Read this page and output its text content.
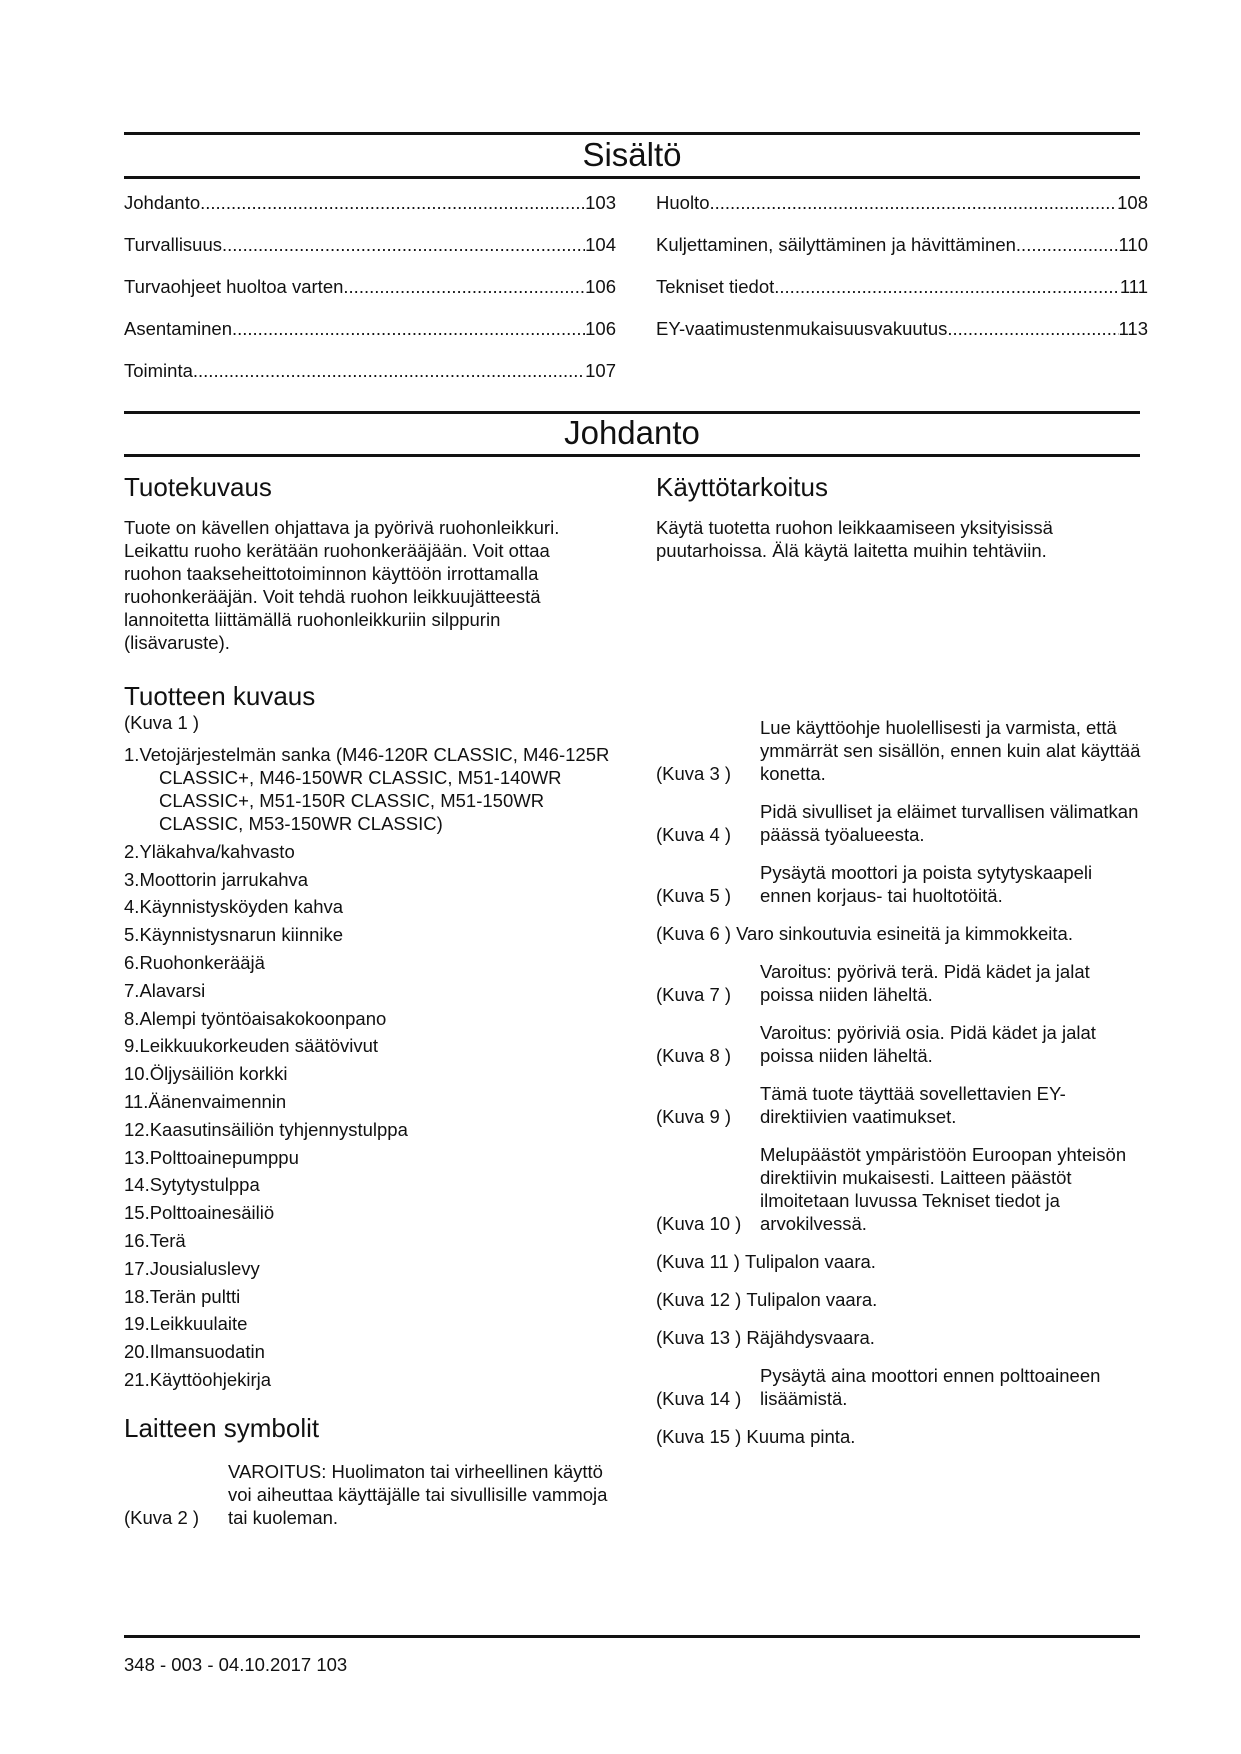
Sisältö
Johdanto .....	103
Turvallisuus .....	104
Turvaohjeet huoltoa varten .....	106
Asentaminen .....	106
Toiminta .....	107
Huolto .....	108
Kuljettaminen, säilyttäminen ja hävittäminen .....	110
Tekniset tiedot .....	111
EY-vaatimustenmukaisuusvakuutus .....	113
Johdanto
Tuotekuvaus
Tuote on kävellen ohjattava ja pyörivä ruohonleikkuri. Leikattu ruoho kerätään ruohonkerääjään. Voit ottaa ruohon taakseheittotoiminnon käyttöön irrottamalla ruohonkerääjän. Voit tehdä ruohon leikkuujätteestä lannoitetta liittämällä ruohonleikkuriin silppurin (lisävaruste).
Käyttötarkoitus
Käytä tuotetta ruohon leikkaamiseen yksityisissä puutarhoissa. Älä käytä laitetta muihin tehtäviin.
Tuotteen kuvaus
(Kuva 1 )
1.Vetojärjestelmän sanka (M46-120R CLASSIC, M46-125R CLASSIC+, M46-150WR CLASSIC, M51-140WR CLASSIC+, M51-150R CLASSIC, M51-150WR CLASSIC, M53-150WR CLASSIC)
2.Yläkahva/kahvasto
3.Moottorin jarrukahva
4.Käynnistysköyden kahva
5.Käynnistysnarun kiinnike
6.Ruohonkerääjä
7.Alavarsi
8.Alempi työntöaisakokoonpano
9.Leikkuukorkeuden säätövivut
10.Öljysäiliön korkki
11.Äänenvaimennin
12.Kaasutinsäiliön tyhjennystulppa
13.Polttoainepumppu
14.Sytytystulppa
15.Polttoainesäiliö
16.Terä
17.Jousialuslevy
18.Terän pultti
19.Leikkuulaite
20.Ilmansuodatin
21.Käyttöohjekirja
Laitteen symbolit
(Kuva 2 )
VAROITUS: Huolimaton tai virheellinen käyttö voi aiheuttaa käyttäjälle tai sivullisille vammoja tai kuoleman.
(Kuva 3 )
Lue käyttöohje huolellisesti ja varmista, että ymmärrät sen sisällön, ennen kuin alat käyttää konetta.
(Kuva 4 )
Pidä sivulliset ja eläimet turvallisen välimatkan päässä työalueesta.
(Kuva 5 )
Pysäytä moottori ja poista sytytyskaapeli ennen korjaus- tai huoltotöitä.
(Kuva 6 ) Varo sinkoutuvia esineitä ja kimmokkeita.
(Kuva 7 )
Varoitus: pyörivä terä. Pidä kädet ja jalat poissa niiden läheltä.
(Kuva 8 )
Varoitus: pyöriviä osia. Pidä kädet ja jalat poissa niiden läheltä.
(Kuva 9 )
Tämä tuote täyttää sovellettavien EY-direktiivien vaatimukset.
(Kuva 10 )
Melupäästöt ympäristöön Euroopan yhteisön direktiivin mukaisesti. Laitteen päästöt ilmoitetaan luvussa Tekniset tiedot ja arvokilvessä.
(Kuva 11 ) Tulipalon vaara.
(Kuva 12 ) Tulipalon vaara.
(Kuva 13 ) Räjähdysvaara.
(Kuva 14 )
Pysäytä aina moottori ennen polttoaineen lisäämistä.
(Kuva 15 ) Kuuma pinta.
348 - 003 - 04.10.2017 103
